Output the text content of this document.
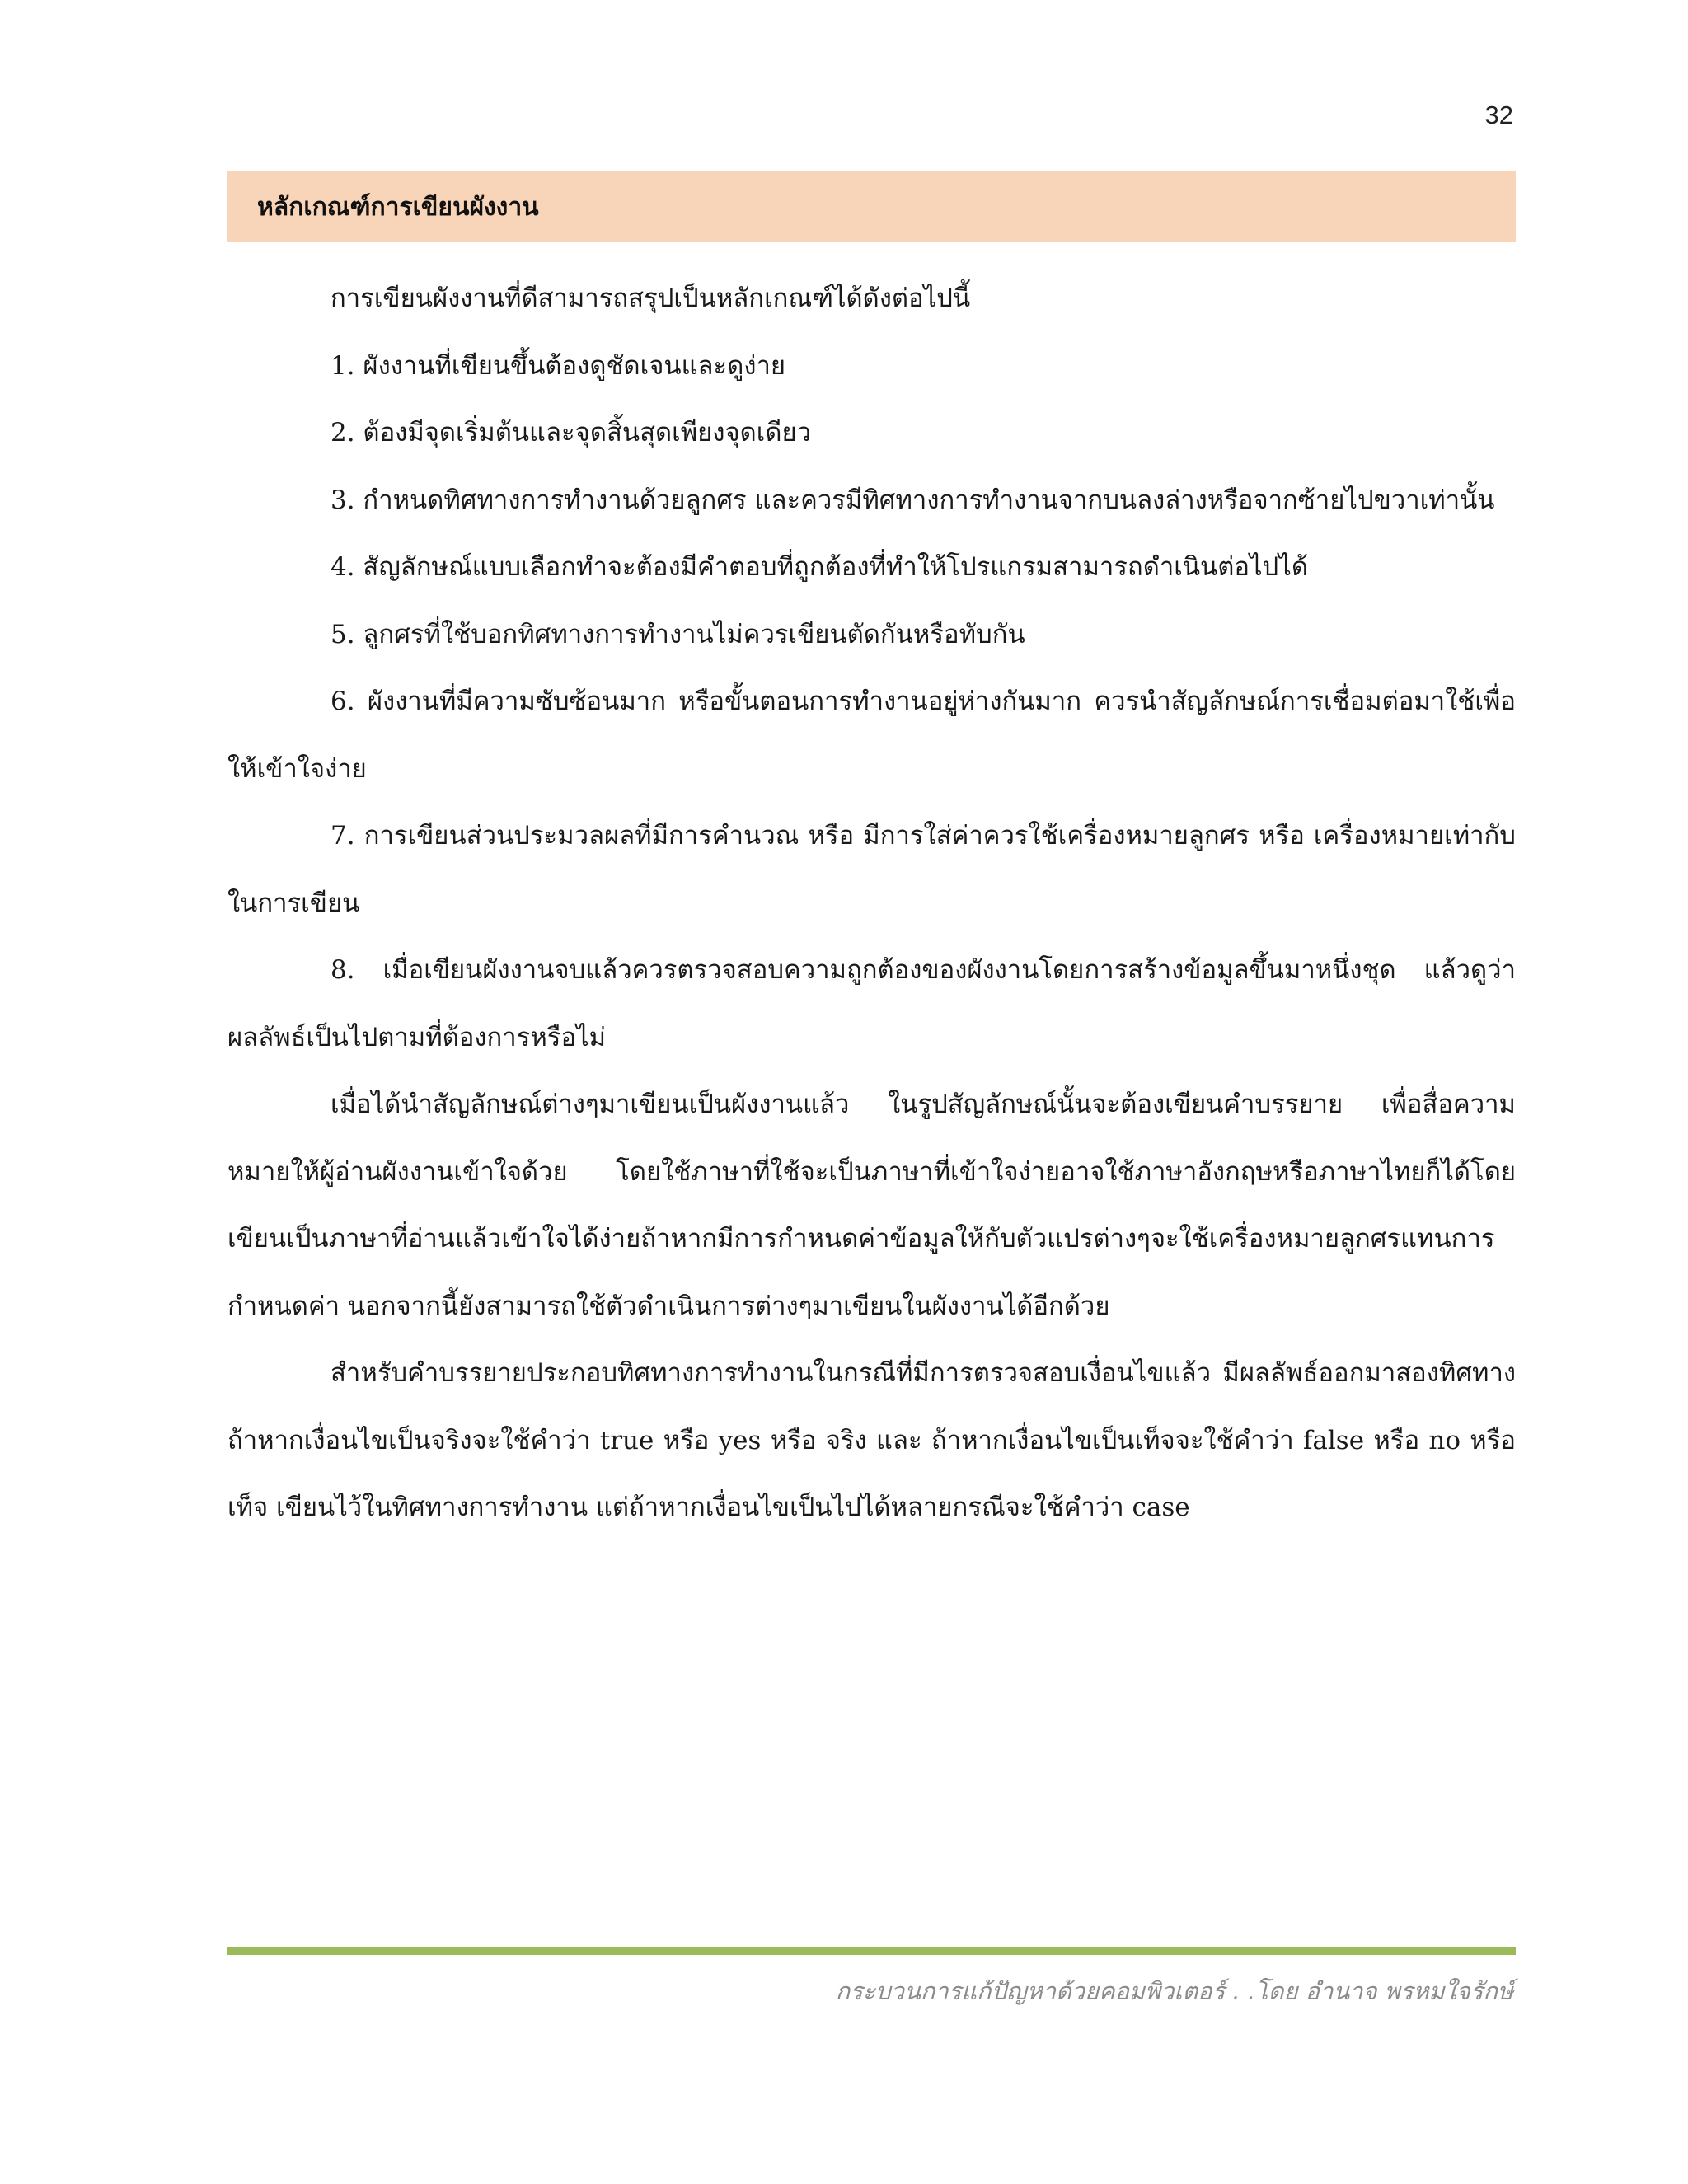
32
หลักเกณฑ์การเขียนผังงาน

การเขียนผังงานที่ดีสามารถสรุปเป็นหลักเกณฑ์ได้ดังต่อไปนี้

1. ผังงานที่เขียนขึ้นต้องดูชัดเจนและดูง่าย

2. ต้องมีจุดเริ่มต้นและจุดสิ้นสุดเพียงจุดเดียว

3. กำหนดทิศทางการทำงานด้วยลูกศร และควรมีทิศทางการทำงานจากบนลงล่างหรือจากซ้ายไปขวาเท่านั้น

4. สัญลักษณ์แบบเลือกทำจะต้องมีคำตอบที่ถูกต้องที่ทำให้โปรแกรมสามารถดำเนินต่อไปได้

5. ลูกศรที่ใช้บอกทิศทางการทำงานไม่ควรเขียนตัดกันหรือทับกัน

6. ผังงานที่มีความซับซ้อนมาก หรือขั้นตอนการทำงานอยู่ห่างกันมาก ควรนำสัญลักษณ์การเชื่อมต่อมาใช้เพื่อให้เข้าใจง่าย

7. การเขียนส่วนประมวลผลที่มีการคำนวณ หรือ มีการใส่ค่าควรใช้เครื่องหมายลูกศร หรือ เครื่องหมายเท่ากับในการเขียน

8. เมื่อเขียนผังงานจบแล้วควรตรวจสอบความถูกต้องของผังงานโดยการสร้างข้อมูลขึ้นมาหนึ่งชุด แล้วดูว่าผลลัพธ์เป็นไปตามที่ต้องการหรือไม่

เมื่อได้นำสัญลักษณ์ต่างๆมาเขียนเป็นผังงานแล้ว ในรูปสัญลักษณ์นั้นจะต้องเขียนคำบรรยาย เพื่อสื่อความหมายให้ผู้อ่านผังงานเข้าใจด้วย โดยใช้ภาษาที่ใช้จะเป็นภาษาที่เข้าใจง่ายอาจใช้ภาษาอังกฤษหรือภาษาไทยก็ได้โดยเขียนเป็นภาษาที่อ่านแล้วเข้าใจได้ง่ายถ้าหากมีการกำหนดค่าข้อมูลให้กับตัวแปรต่างๆจะใช้เครื่องหมายลูกศรแทนการกำหนดค่า นอกจากนี้ยังสามารถใช้ตัวดำเนินการต่างๆมาเขียนในผังงานได้อีกด้วย

สำหรับคำบรรยายประกอบทิศทางการทำงานในกรณีที่มีการตรวจสอบเงื่อนไขแล้ว มีผลลัพธ์ออกมาสองทิศทาง ถ้าหากเงื่อนไขเป็นจริงจะใช้คำว่า true หรือ yes หรือ จริง และ ถ้าหากเงื่อนไขเป็นเท็จจะใช้คำว่า false หรือ no หรือ เท็จ เขียนไว้ในทิศทางการทำงาน แต่ถ้าหากเงื่อนไขเป็นไปได้หลายกรณีจะใช้คำว่า case

กระบวนการแก้ปัญหาด้วยคอมพิวเตอร์ . .โดย อำนาจ พรหมใจรักษ์
